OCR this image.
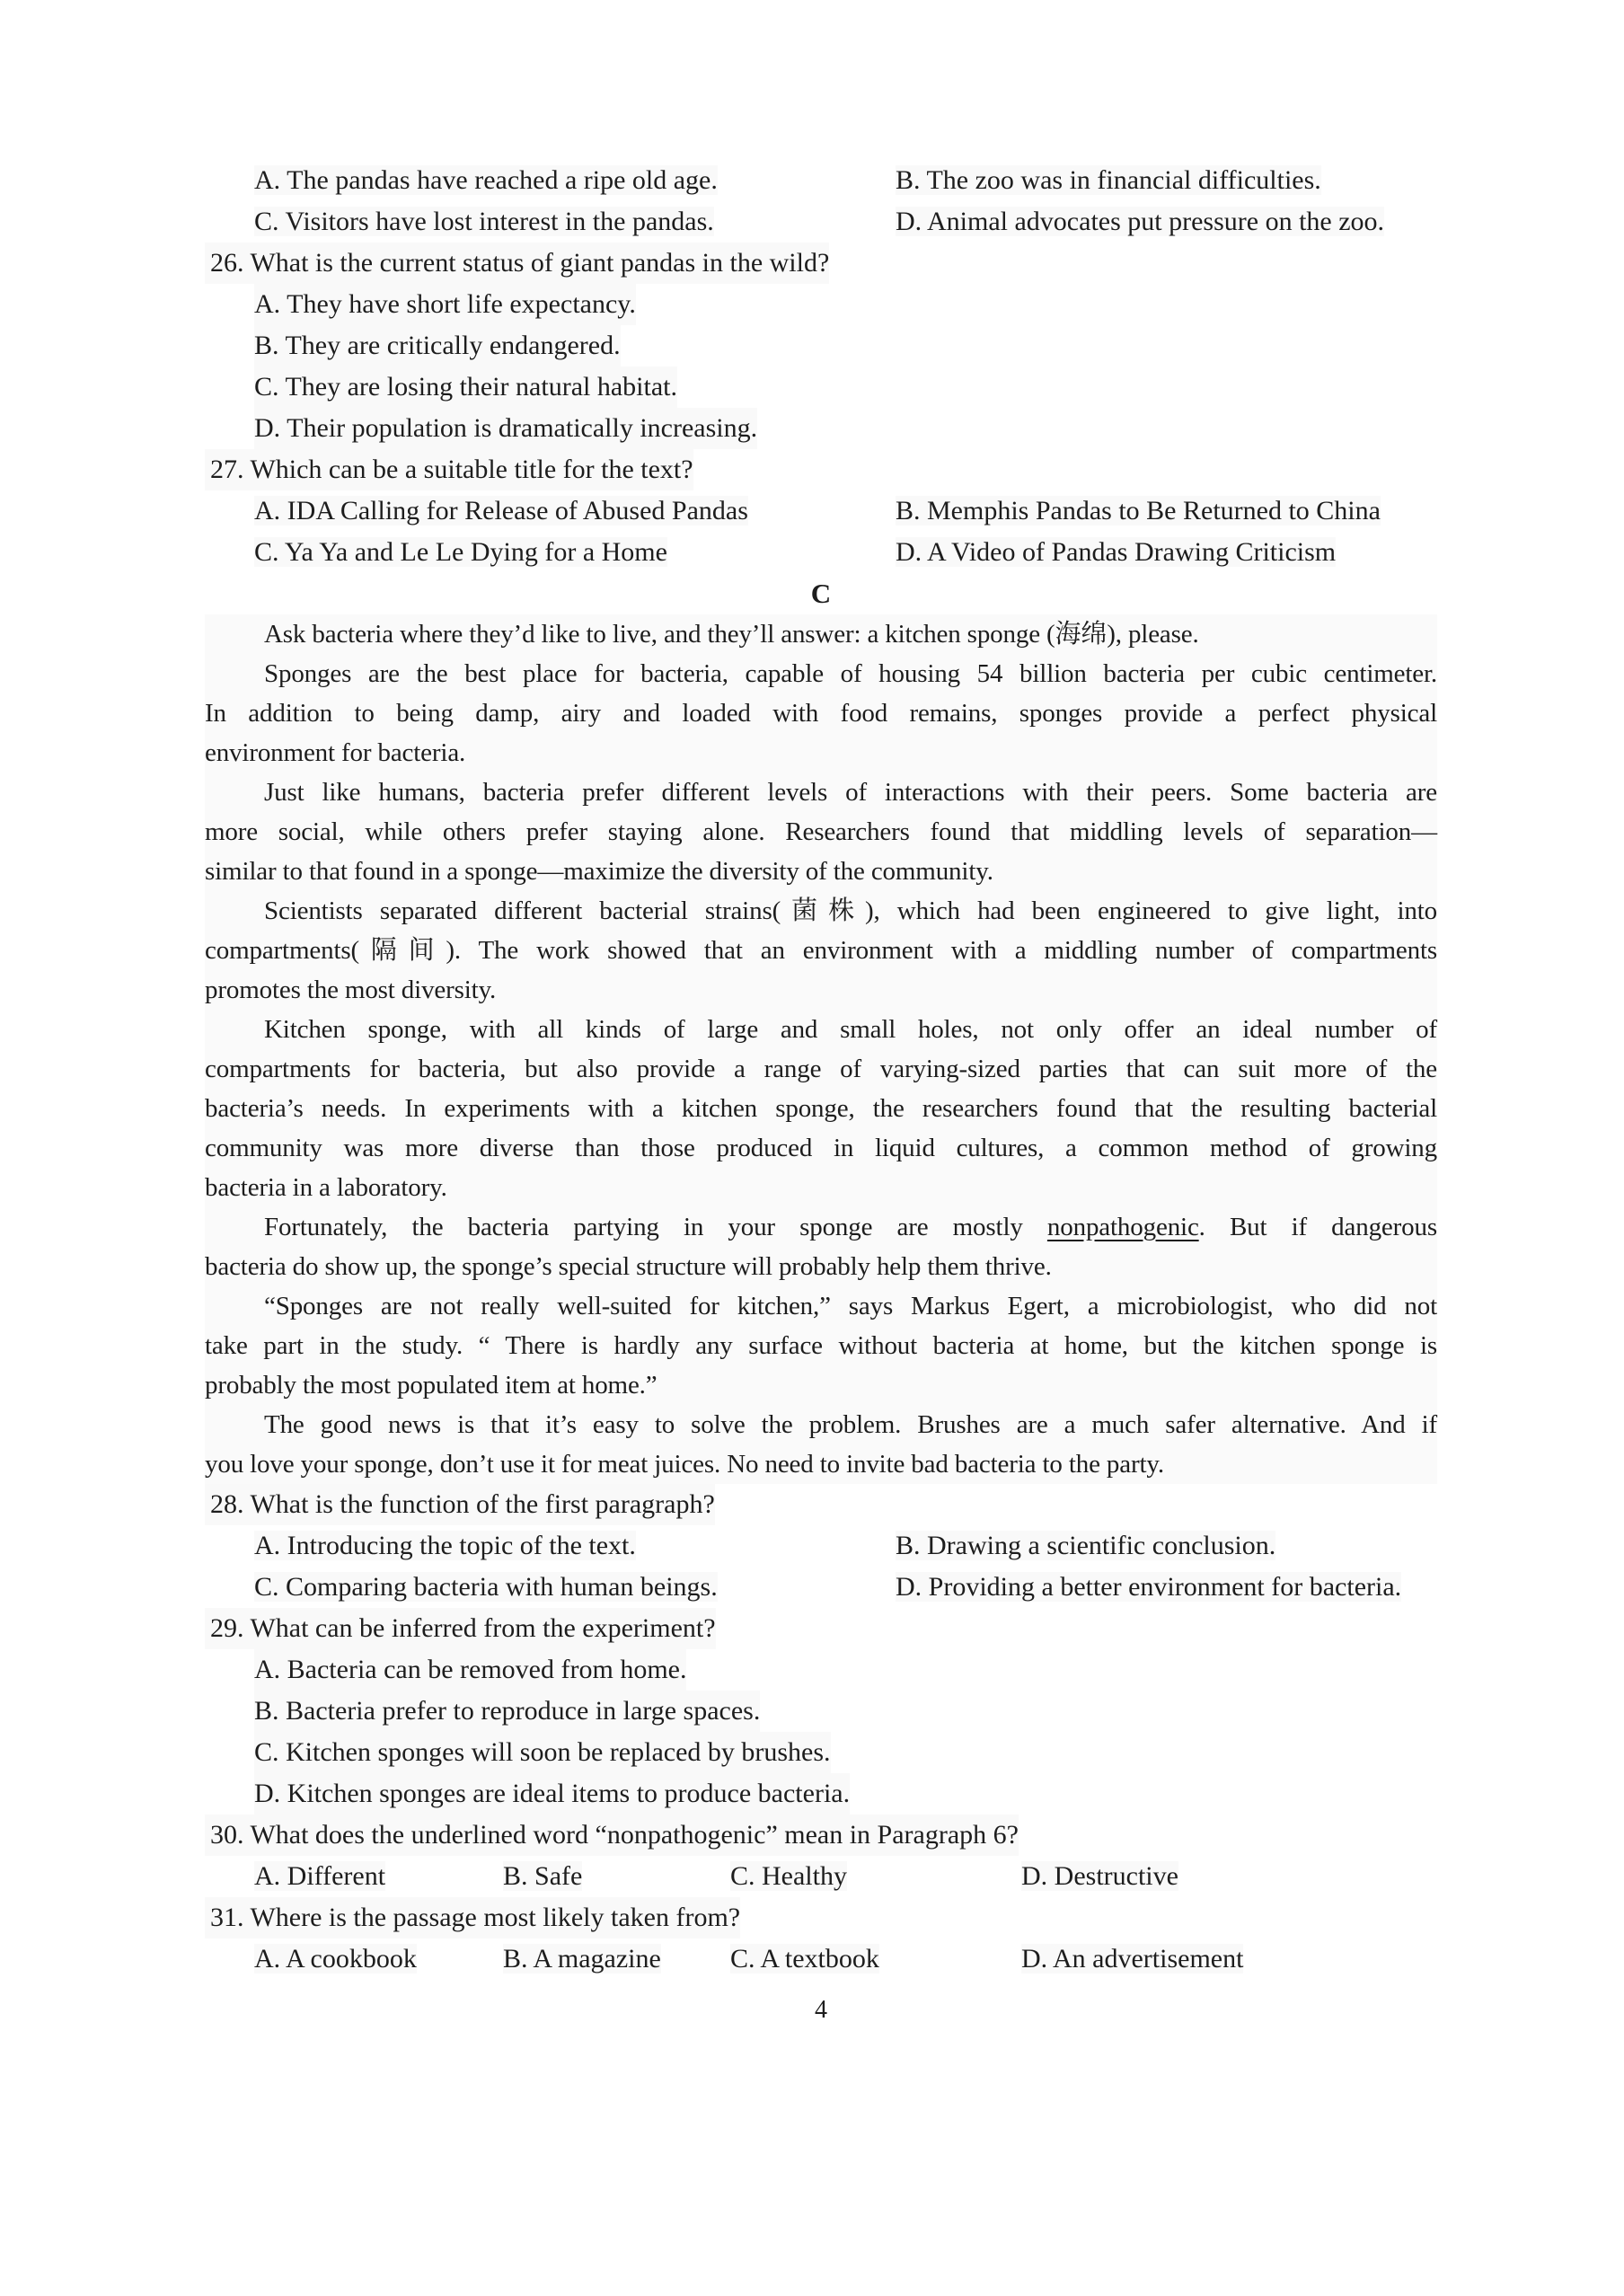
A. The pandas have reached a ripe old age.	B. The zoo was in financial difficulties.
C. Visitors have lost interest in the pandas.	D. Animal advocates put pressure on the zoo.
26. What is the current status of giant pandas in the wild?
A. They have short life expectancy.
B. They are critically endangered.
C. They are losing their natural habitat.
D. Their population is dramatically increasing.
27. Which can be a suitable title for the text?
A. IDA Calling for Release of Abused Pandas	B. Memphis Pandas to Be Returned to China
C. Ya Ya and Le Le Dying for a Home	D. A Video of Pandas Drawing Criticism
C
Ask bacteria where they’d like to live, and they’ll answer: a kitchen sponge (海绵), please.
Sponges are the best place for bacteria, capable of housing 54 billion bacteria per cubic centimeter.
In addition to being damp, airy and loaded with food remains, sponges provide a perfect physical
environment for bacteria.
Just like humans, bacteria prefer different levels of interactions with their peers. Some bacteria are
more social, while others prefer staying alone. Researchers found that middling levels of separation—
similar to that found in a sponge—maximize the diversity of the community.
Scientists separated different bacterial strains(菌株), which had been engineered to give light, into
compartments(隔间). The work showed that an environment with a middling number of compartments
promotes the most diversity.
Kitchen sponge, with all kinds of large and small holes, not only offer an ideal number of
compartments for bacteria, but also provide a range of varying-sized parties that can suit more of the
bacteria’s needs. In experiments with a kitchen sponge, the researchers found that the resulting bacterial
community was more diverse than those produced in liquid cultures, a common method of growing
bacteria in a laboratory.
Fortunately, the bacteria partying in your sponge are mostly nonpathogenic. But if dangerous
bacteria do show up, the sponge’s special structure will probably help them thrive.
“Sponges are not really well-suited for kitchen,” says Markus Egert, a microbiologist, who did not
take part in the study. “ There is hardly any surface without bacteria at home, but the kitchen sponge is
probably the most populated item at home.”
The good news is that it’s easy to solve the problem. Brushes are a much safer alternative. And if
you love your sponge, don’t use it for meat juices. No need to invite bad bacteria to the party.
28. What is the function of the first paragraph?
A. Introducing the topic of the text.	B. Drawing a scientific conclusion.
C. Comparing bacteria with human beings.	D. Providing a better environment for bacteria.
29. What can be inferred from the experiment?
A. Bacteria can be removed from home.
B. Bacteria prefer to reproduce in large spaces.
C. Kitchen sponges will soon be replaced by brushes.
D. Kitchen sponges are ideal items to produce bacteria.
30. What does the underlined word “nonpathogenic” mean in Paragraph 6?
A. Different	B. Safe	C. Healthy	D. Destructive
31. Where is the passage most likely taken from?
A. A cookbook	B. A magazine	C. A textbook	D. An advertisement
4
